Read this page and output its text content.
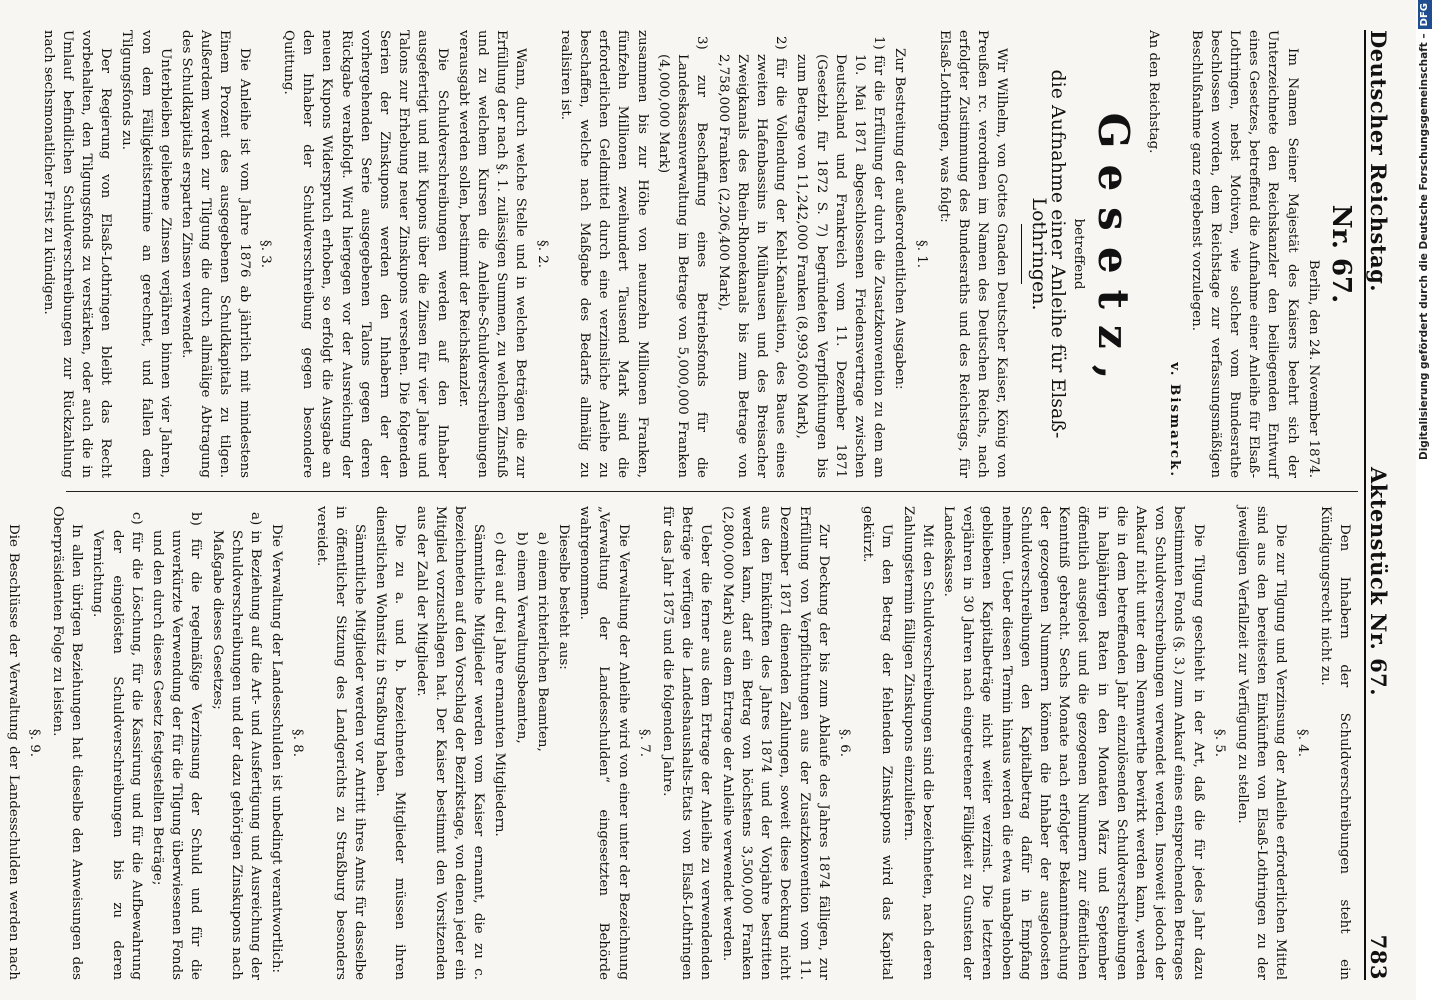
Deutscher Reichstag.
Aktenstück Nr. 67.
783
Nr. 67.

Berlin, den 24. November 1874.

Im Namen Seiner Majestät des Kaisers beehrt sich der Unterzeichnete den Reichskanzler den beiliegenden Entwurf eines Gesetzes, betreffend die Aufnahme einer Anleihe für Elsaß-Lothringen, nebst Motiven, wie solcher vom Bundesrathe beschlossen worden, dem Reichstage zur verfassungsmäßigen Beschlußnahme ganz ergebenst vorzulegen.

v. Bismarck.

An den Reichstag.

Gesetz,
betreffend
die Aufnahme einer Anleihe für Elsaß-Lothringen.

Wir Wilhelm, von Gottes Gnaden Deutscher Kaiser, König von Preußen rc. verordnen im Namen des Deutschen Reichs, nach erfolgter Zustimmung des Bundesraths und des Reichstags, für Elsaß-Lothringen, was folgt:

§. 1.

Zur Bestreitung der außerordentlichen Ausgaben:

1) für die Erfüllung der durch die Zusatzkonvention zu dem am 10. Mai 1871 abgeschlossenen Friedensvertrage zwischen Deutschland und Frankreich vom 11. Dezember 1871 (Gesetzbl. für 1872 S. 7) begründeten Verpflichtungen bis zum Betrage von 11,242,000 Franken (8,993,600 Mark),

2) für die Vollendung der Kehl-Kanalisation, des Baues eines zweiten Hafenbassins in Mülhausen und des Breisacher Zweigkanals des Rhein-Rhonekanals bis zum Betrage von 2,758,000 Franken (2,206,400 Mark),

3) zur Beschaffung eines Betriebsfonds für die Landeskassenverwaltung im Betrage von 5,000,000 Franken (4,000,000 Mark)

zusammen bis zur Höhe von neunzehn Millionen Franken, fünfzehn Millionen zweihundert Tausend Mark sind die erforderlichen Geldmittel durch eine verzinsliche Anleihe zu beschaffen, welche nach Maßgabe des Bedarfs allmälig zu realisiren ist.

§. 2.

Wann, durch welche Stelle und in welchen Beträgen die zur Erfüllung der nach §. 1. zulässigen Summen, zu welchem Zinsfuß und zu welchem Kursen die Anleihe-Schuldverschreibungen verausgabt werden sollen, bestimmt der Reichskanzler.

Die Schuldverschreibungen werden auf den Inhaber ausgefertigt und mit Kupons über die Zinsen für vier Jahre und Talons zur Erhebung neuer Zinskupons versehen. Die folgenden Serien der Zinskupons werden den Inhabern der der vorhergehenden Serie ausgegebenen Talons gegen deren Rückgabe verabfolgt. Wird hiergegen vor der Ausreichung der neuen Kupons Widerspruch erhoben, so erfolgt die Ausgabe an den Inhaber der Schuldverschreibung gegen besondere Quittung.

§. 3.

Die Anleihe ist vom Jahre 1876 ab jährlich mit mindestens Einem Prozent des ausgegebenen Schuldkapitals zu tilgen. Außerdem werden zur Tilgung die durch allmälige Abtragung des Schuldkapitals ersparten Zinsen verwendet.

Unterbleiben geliebene Zinsen verjähren binnen vier Jahren, von dem Fälligkeitstermine an gerechnet, und fallen dem Tilgungsfonds zu.

Der Regierung von Elsaß-Lothringen bleibt das Recht vorbehalten, den Tilgungsfonds zu verstärken, oder auch die in Umlauf befindlichen Schuldverschreibungen zur Rückzahlung nach sechsmonatlicher Frist zu kündigen.

Den Inhabern der Schuldverschreibungen steht ein Kündigungsrecht nicht zu.

§. 4.

Die zur Tilgung und Verzinsung der Anleihe erforderlichen Mittel sind aus den bereitesten Einkünften von Elsaß-Lothringen zu der jeweiligen Verfallzeit zur Verfügung zu stellen.

§. 5.

Die Tilgung geschieht in der Art, daß die für jedes Jahr dazu bestimmten Fonds (§. 3.) zum Ankauf eines entsprechenden Betrages von Schuldverschreibungen verwendet werden. Insoweit jedoch der Ankauf nicht unter dem Nennwerthe bewirkt werden kann, werden die in dem betreffenden Jahr einzulösenden Schuldverschreibungen in halbjährigen Raten in den Monaten März und September öffentlich ausgelost und die gezogenen Nummern zur öffentlichen Kenntniß gebracht. Sechs Monate nach erfolgter Bekanntmachung der gezogenen Nummern können die Inhaber der ausgeloosten Schuldverschreibungen den Kapitalbetrag dafür in Empfang nehmen. Ueber diesen Termin hinaus werden die etwa unabgehoben gebliebenen Kapitalbeträge nicht weiter verzinst. Die letzteren verjähren in 30 Jahren nach eingetretener Fälligkeit zu Gunsten der Landeskasse.

Mit den Schuldverschreibungen sind die bezeichneten, nach deren Zahlungstermin fälligen Zinskupons einzuliefern.

Um den Betrag der fehlenden Zinskupons wird das Kapital gekürzt.

§. 6.

Zur Deckung der bis zum Ablaufe des Jahres 1874 fälligen, zur Erfüllung von Verpflichtungen aus der Zusatzkonvention vom 11. Dezember 1871 dienenden Zahlungen, soweit diese Deckung nicht aus den Einkünften des Jahres 1874 und der Vorjahre bestritten werden kann, darf ein Betrag von höchstens 3,500,000 Franken (2,800,000 Mark) aus dem Ertrage der Anleihe verwendet werden.

Ueber die ferner aus dem Ertrage der Anleihe zu verwendenden Beträge verfügen die Landeshaushalts-Etats von Elsaß-Lothringen für das Jahr 1875 und die folgenden Jahre.

§. 7.

Die Verwaltung der Anleihe wird von einer unter der Bezeichnung „Verwaltung der Landesschulden“ eingesetzten Behörde wahrgenommen.

Dieselbe besteht aus:

a) einem richterlichen Beamten,

b) einem Verwaltungsbeamten,

c) drei auf drei Jahre ernannten Mitgliedern.

Sämmtliche Mitglieder werden vom Kaiser ernannt, die zu c. bezeichneten auf den Vorschlag der Bezirkstage, von denen jeder ein Mitglied vorzuschlagen hat. Der Kaiser bestimmt den Vorsitzenden aus der Zahl der Mitglieder.

Die zu a. und b. bezeichneten Mitglieder müssen ihren dienstlichen Wohnsitz in Straßburg haben.

Sämmtliche Mitglieder werden vor Antritt ihres Amts für dasselbe in öffentlicher Sitzung des Landgerichts zu Straßburg besonders vereidet.

§. 8.

Die Verwaltung der Landesschulden ist unbedingt verantwortlich:

a) in Beziehung auf die Art- und Ausfertigung und Ausreichung der Schuldverschreibungen und der dazu gehörigen Zinskupons nach Maßgabe dieses Gesetzes;

b) für die regelmäßige Verzinsung der Schuld und für die unverkürzte Verwendung der für die Tilgung überwiesenen Fonds und den durch dieses Gesetz festgestellten Beträge;

c) für die Löschung, für die Kassirung und für die Aufbewahrung der eingelösten Schuldverschreibungen bis zu deren Vernichtung.

In allen übrigen Beziehungen hat dieselbe den Anweisungen des Oberpräsidenten Folge zu leisten.

§. 9.

Die Beschlüsse der Verwaltung der Landesschulden werden nach

Digitalisierung gefördert durch die Deutsche Forschungsgemeinschaft –DFG
